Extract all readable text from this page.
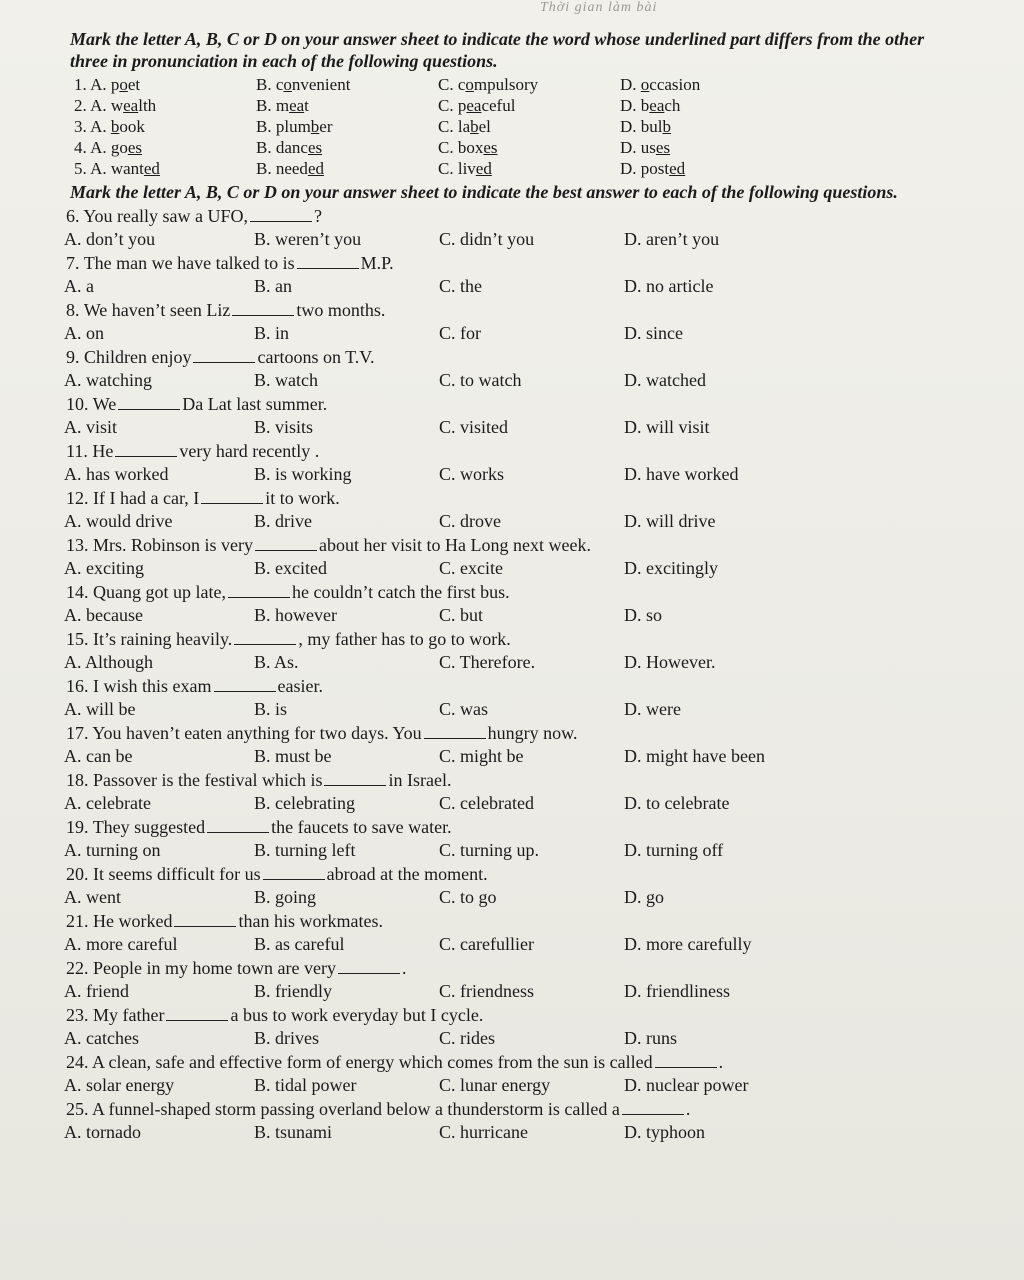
Thời gian làm bài
Mark the letter A, B, C or D on your answer sheet to indicate the word whose underlined part differs from the other three in pronunciation in each of the following questions.
1. A. poet	B. convenient	C. compulsory	D. occasion
2. A. wealth	B. meat	C. peaceful	D. beach
3. A. book	B. plumber	C. label	D. bulb
4. A. goes	B. dances	C. boxes	D. uses
5. A. wanted	B. needed	C. lived	D. posted
Mark the letter A, B, C or D on your answer sheet to indicate the best answer to each of the following questions.
6. You really saw a UFO,	?
A. don’t you	B. weren’t you	C. didn’t you	D. aren’t you
7. The man we have talked to is	M.P.
A. a	B. an	C. the	D. no article
8. We haven’t seen Liz	two months.
A. on	B. in	C. for	D. since
9. Children enjoy	cartoons on T.V.
A. watching	B. watch	C. to watch	D. watched
10. We	Da Lat last summer.
A. visit	B. visits	C. visited	D. will visit
11. He	very hard recently .
A. has worked	B. is working	C. works	D. have worked
12. If I had a car, I	it to work.
A. would drive	B. drive	C. drove	D. will drive
13. Mrs. Robinson is very	about her visit to Ha Long next week.
A. exciting	B. excited	C. excite	D. excitingly
14. Quang got up late,	he couldn’t catch the first bus.
A. because	B. however	C. but	D. so
15. It’s raining heavily.	, my father has to go to work.
A. Although	B. As.	C. Therefore.	D. However.
16. I wish this exam	easier.
A. will be	B. is	C. was	D. were
17. You haven’t eaten anything for two days. You	hungry now.
A. can be	B. must be	C. might be	D. might have been
18. Passover is the festival which is	in Israel.
A. celebrate	B. celebrating	C. celebrated	D. to celebrate
19. They suggested	the faucets to save water.
A. turning on	B. turning left	C. turning up.	D. turning off
20. It seems difficult for us	abroad at the moment.
A. went	B. going	C. to go	D. go
21. He worked	than his workmates.
A. more careful	B. as careful	C. carefullier	D. more carefully
22. People in my home town are very	.
A. friend	B. friendly	C. friendness	D. friendliness
23. My father	a bus to work everyday but I cycle.
A. catches	B. drives	C. rides	D. runs
24. A clean, safe and effective form of energy which comes from the sun is called	.
A. solar energy	B. tidal power	C. lunar energy	D. nuclear power
25. A funnel-shaped storm passing overland below a thunderstorm is called a	.
A. tornado	B. tsunami	C. hurricane	D. typhoon
